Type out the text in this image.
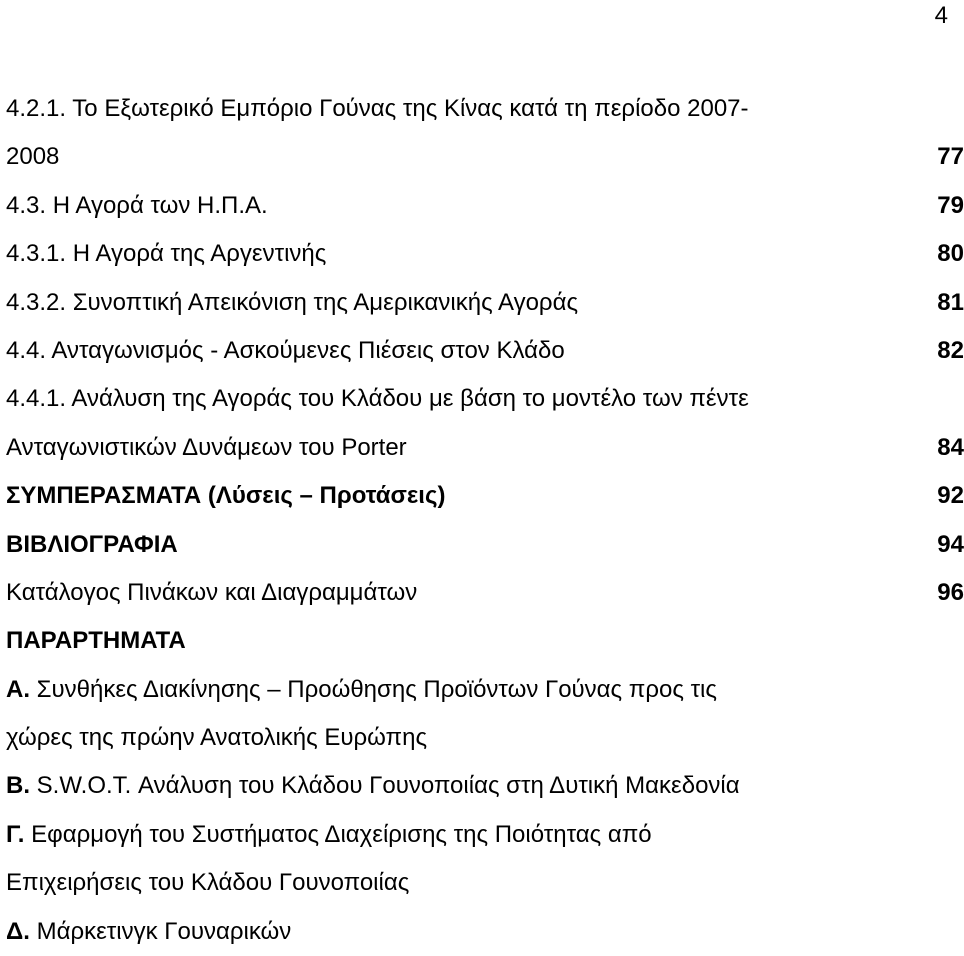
4
4.2.1. Το Εξωτερικό Εμπόριο Γούνας της Κίνας κατά τη περίοδο 2007-
2008	77
4.3. Η Αγορά των Η.Π.Α.	79
4.3.1. Η Αγορά της Αργεντινής	80
4.3.2. Συνοπτική Απεικόνιση της Αμερικανικής Αγοράς	81
4.4. Ανταγωνισμός - Ασκούμενες Πιέσεις στον Κλάδο	82
4.4.1. Ανάλυση της Αγοράς του Κλάδου με βάση το μοντέλο των πέντε
Ανταγωνιστικών Δυνάμεων του Porter	84
ΣΥΜΠΕΡΑΣΜΑΤΑ (Λύσεις – Προτάσεις)	92
ΒΙΒΛΙΟΓΡΑΦΙΑ	94
Κατάλογος Πινάκων και Διαγραμμάτων	96
ΠΑΡΑΡΤΗΜΑΤΑ
Α. Συνθήκες Διακίνησης – Προώθησης Προϊόντων Γούνας προς τις
χώρες της πρώην Ανατολικής Ευρώπης
Β. S.W.O.T. Ανάλυση του Κλάδου Γουνοποιίας στη Δυτική Μακεδονία
Γ. Εφαρμογή του Συστήματος Διαχείρισης της Ποιότητας από
Επιχειρήσεις του Κλάδου Γουνοποιίας
Δ. Μάρκετινγκ Γουναρικών
